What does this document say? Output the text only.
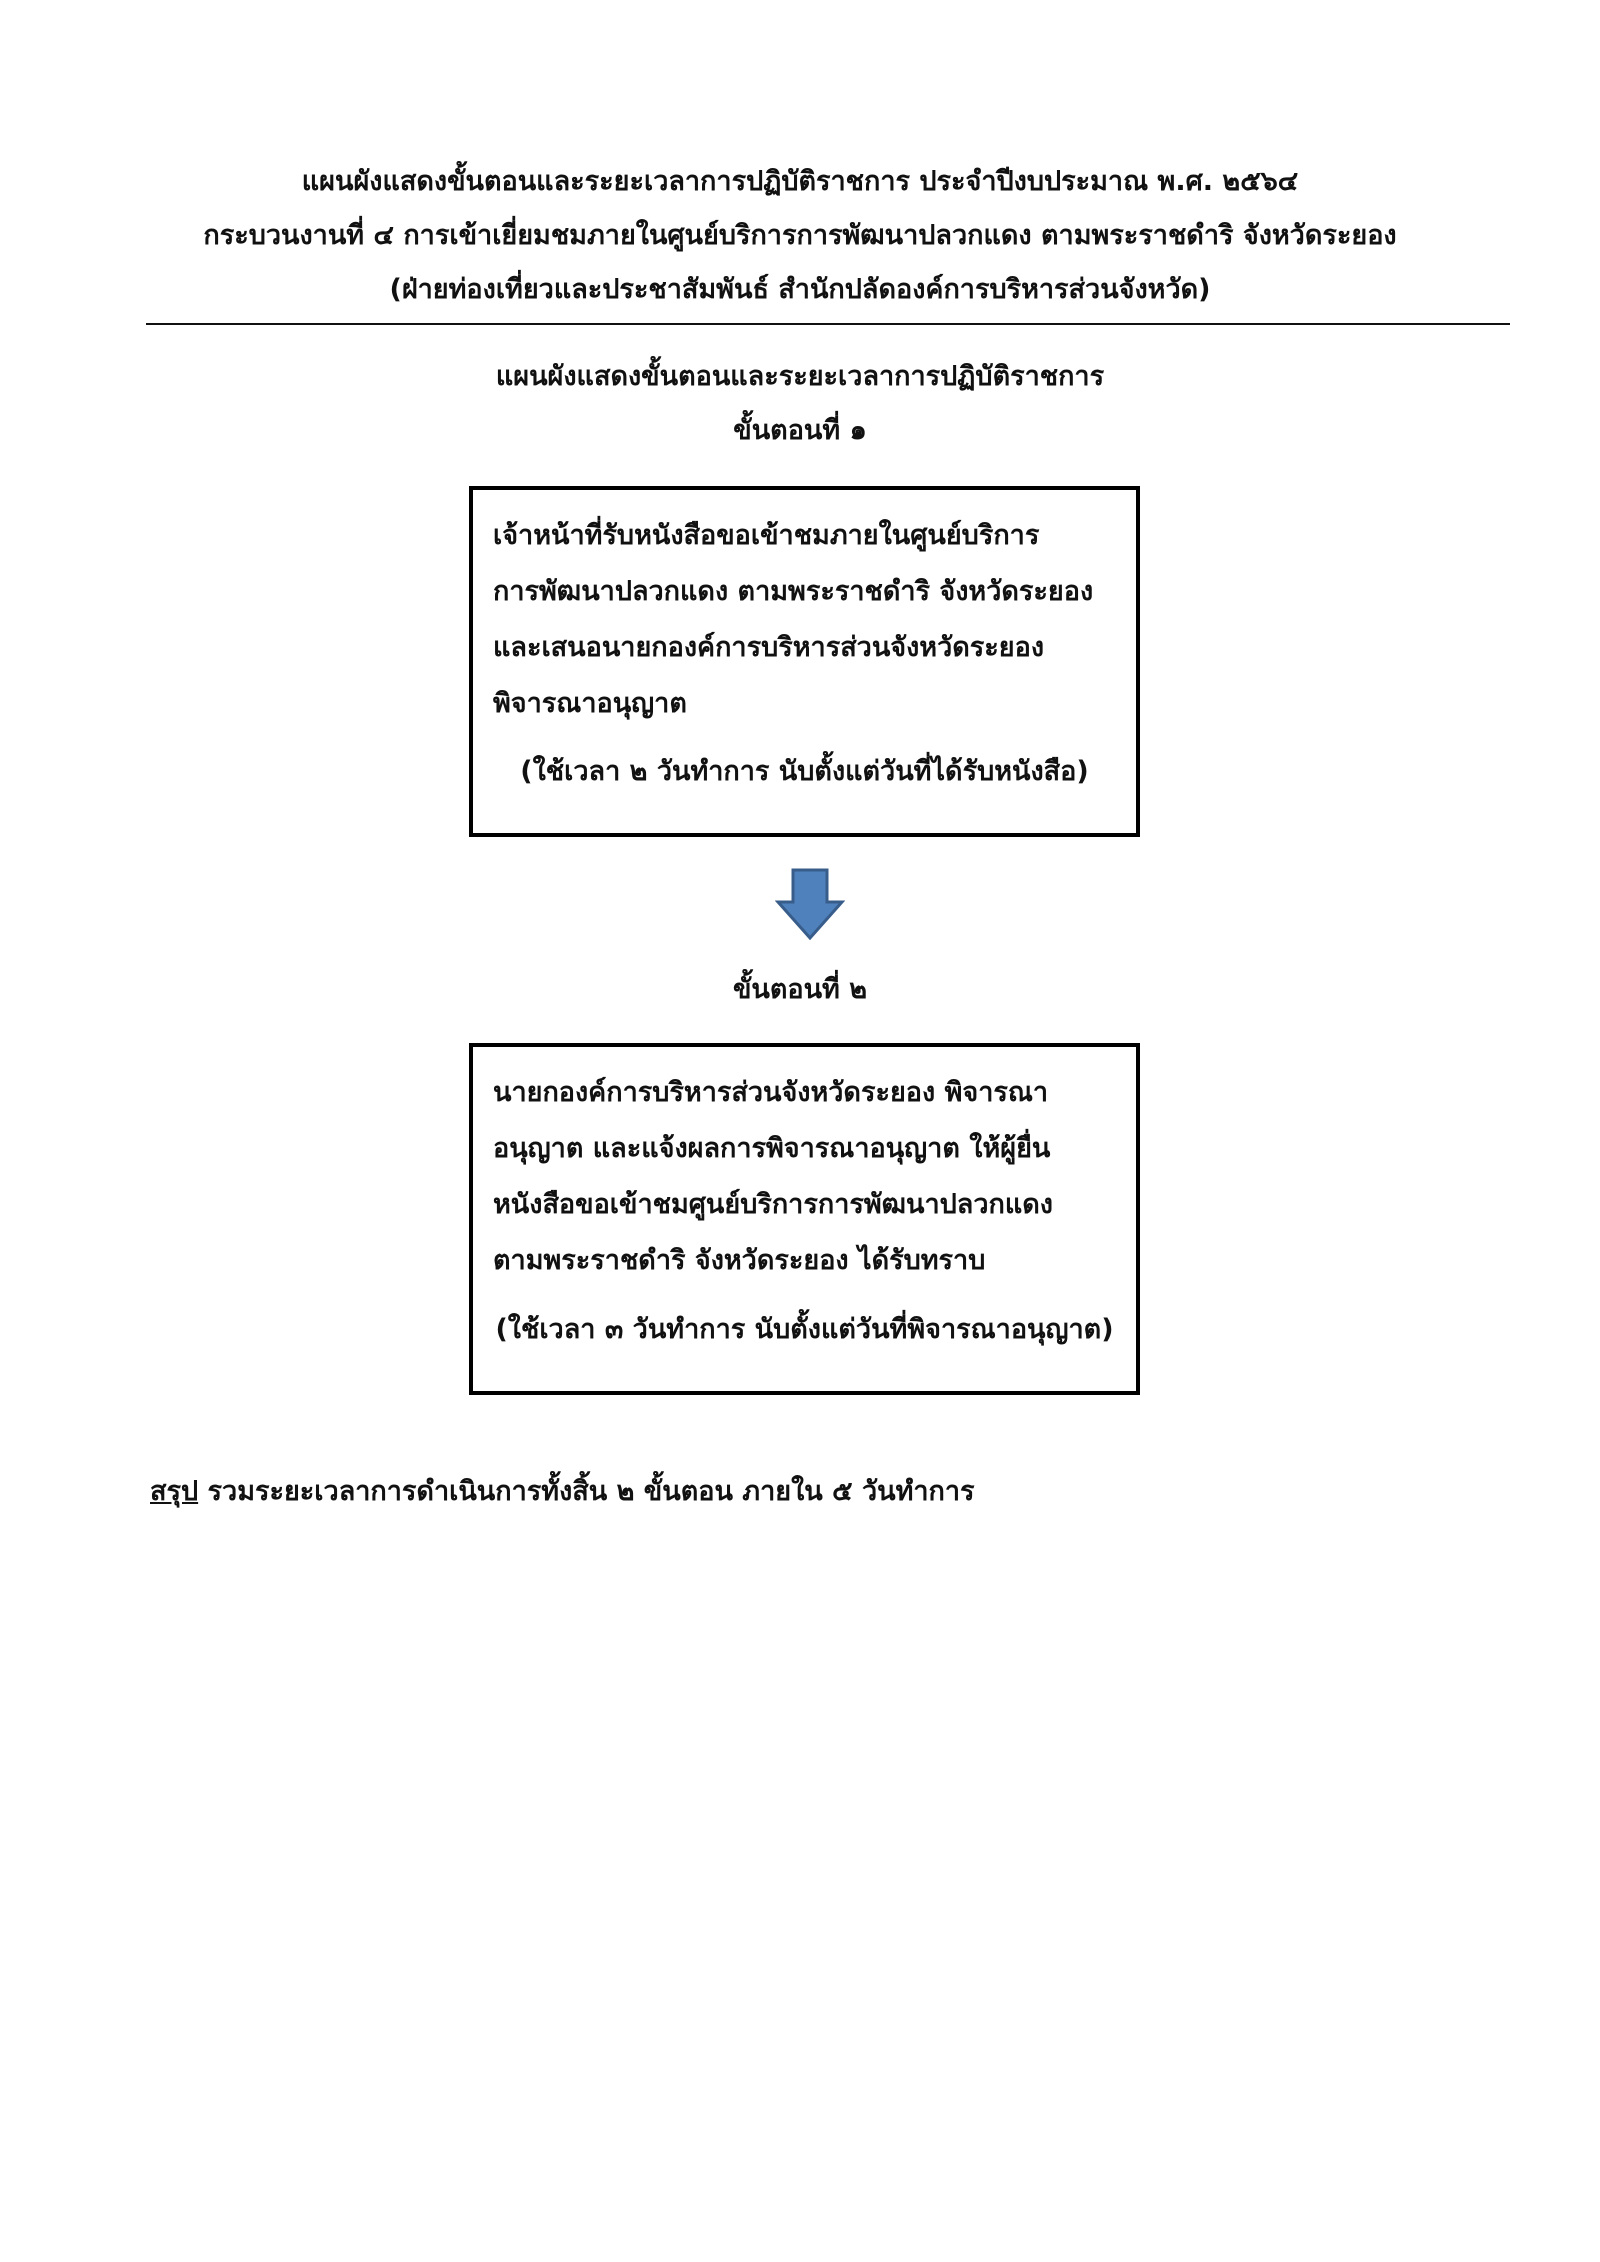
แผนผังแสดงขั้นตอนและระยะเวลาการปฏิบัติราชการ ประจำปีงบประมาณ พ.ศ. ๒๕๖๔
กระบวนงานที่ ๔ การเข้าเยี่ยมชมภายในศูนย์บริการการพัฒนาปลวกแดง ตามพระราชดำริ จังหวัดระยอง
(ฝ่ายท่องเที่ยวและประชาสัมพันธ์ สำนักปลัดองค์การบริหารส่วนจังหวัด)
แผนผังแสดงขั้นตอนและระยะเวลาการปฏิบัติราชการ
ขั้นตอนที่ ๑
เจ้าหน้าที่รับหนังสือขอเข้าชมภายในศูนย์บริการ
การพัฒนาปลวกแดง ตามพระราชดำริ จังหวัดระยอง
และเสนอนายกองค์การบริหารส่วนจังหวัดระยอง
พิจารณาอนุญาต
(ใช้เวลา ๒ วันทำการ นับตั้งแต่วันที่ได้รับหนังสือ)
ขั้นตอนที่ ๒
นายกองค์การบริหารส่วนจังหวัดระยอง พิจารณา
อนุญาต และแจ้งผลการพิจารณาอนุญาต ให้ผู้ยื่น
หนังสือขอเข้าชมศูนย์บริการการพัฒนาปลวกแดง
ตามพระราชดำริ จังหวัดระยอง ได้รับทราบ
(ใช้เวลา ๓ วันทำการ นับตั้งแต่วันที่พิจารณาอนุญาต)
สรุป รวมระยะเวลาการดำเนินการทั้งสิ้น ๒ ขั้นตอน ภายใน ๕ วันทำการ
